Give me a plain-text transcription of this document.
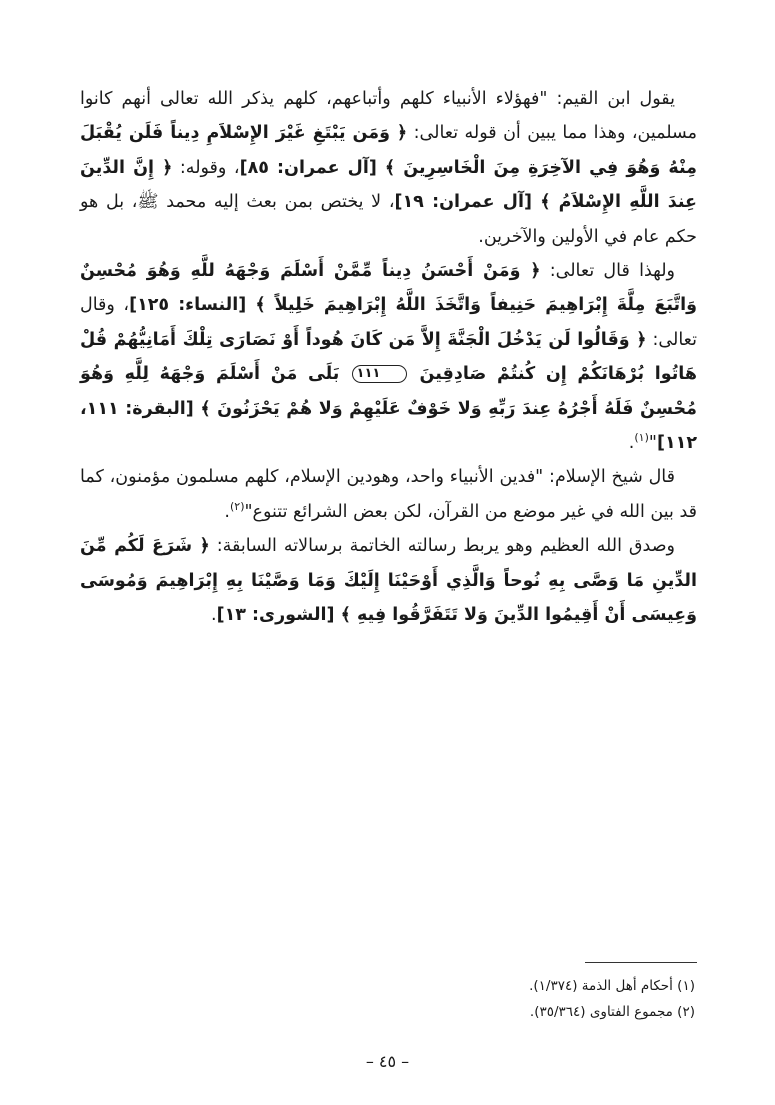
يقول ابن القيم: "فهؤلاء الأنبياء كلهم وأتباعهم، كلهم يذكر الله تعالى أنهم كانوا مسلمين، وهذا مما يبين أن قوله تعالى: ﴿ وَمَن يَبْتَغِ غَيْرَ الإِسْلاَمِ دِيناً فَلَن يُقْبَلَ مِنْهُ وَهُوَ فِي الآخِرَةِ مِنَ الْخَاسِرِينَ ﴾ [آل عمران: ٨٥]، وقوله: ﴿ إِنَّ الدِّينَ عِندَ اللَّهِ الإِسْلاَمُ ﴾ [آل عمران: ١٩]، لا يختص بمن بعث إليه محمد ﷺ، بل هو حكم عام في الأولين والآخرين.

ولهذا قال تعالى: ﴿ وَمَنْ أَحْسَنُ دِيناً مِّمَّنْ أَسْلَمَ وَجْهَهُ للَّهِ وَهُوَ مُحْسِنٌ وَاتَّبَعَ مِلَّةَ إِبْرَاهِيمَ حَنِيفاً وَاتَّخَذَ اللَّهُ إِبْرَاهِيمَ خَلِيلاً ﴾ [النساء: ١٢٥]، وقال تعالى: ﴿ وَقَالُوا لَن يَدْخُلَ الْجَنَّةَ إِلاَّ مَن كَانَ هُوداً أَوْ نَصَارَى تِلْكَ أَمَانِيُّهُمْ قُلْ هَاتُوا بُرْهَانَكُمْ إِن كُنتُمْ صَادِقِينَ ١١١ بَلَى مَنْ أَسْلَمَ وَجْهَهُ لِلَّهِ وَهُوَ مُحْسِنٌ فَلَهُ أَجْرُهُ عِندَ رَبِّهِ وَلا خَوْفٌ عَلَيْهِمْ وَلا هُمْ يَحْزَنُونَ ﴾ [البقرة: ١١١، ١١٢]"$^{(١)}$.

قال شيخ الإسلام: "فدين الأنبياء واحد، وهودين الإسلام، كلهم مسلمون مؤمنون، كما قد بين الله في غير موضع من القرآن، لكن بعض الشرائع تتنوع"$^{(٢)}$.

وصدق الله العظيم وهو يربط رسالته الخاتمة برسالاته السابقة: ﴿ شَرَعَ لَكُم مِّنَ الدِّينِ مَا وَصَّى بِهِ نُوحاً وَالَّذِي أَوْحَيْنَا إِلَيْكَ وَمَا وَصَّيْنَا بِهِ إِبْرَاهِيمَ وَمُوسَى وَعِيسَى أَنْ أَقِيمُوا الدِّينَ وَلا تَتَفَرَّقُوا فِيهِ ﴾ [الشورى: ١٣].

(١) أحكام أهل الذمة (١/٣٧٤).
(٢) مجموع الفتاوى (٣٥/٣٦٤).
– ٤٥ –
